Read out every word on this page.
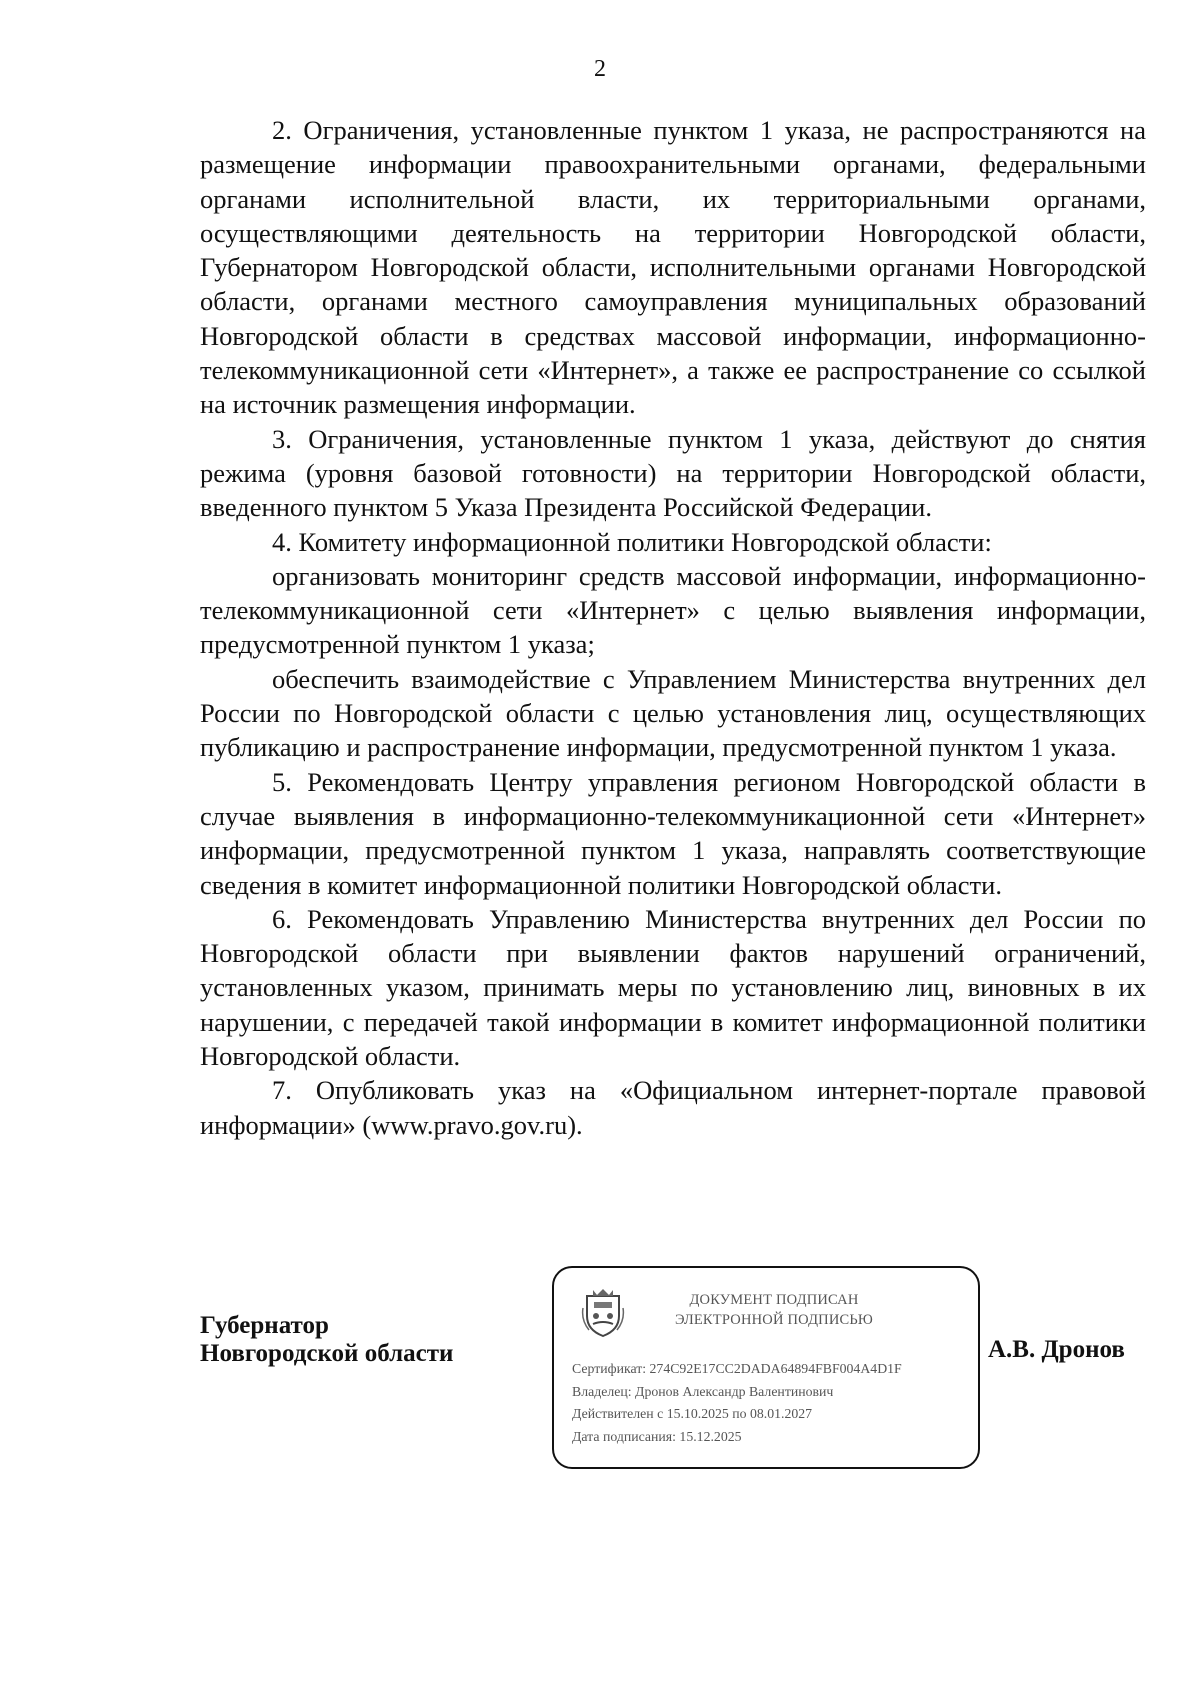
2

2. Ограничения, установленные пунктом 1 указа, не распространяются на размещение информации правоохранительными органами, федеральными органами исполнительной власти, их территориальными органами, осуществляющими деятельность на территории Новгородской области, Губернатором Новгородской области, исполнительными органами Новгородской области, органами местного самоуправления муниципальных образований Новгородской области в средствах массовой информации, информационно-телекоммуникационной сети «Интернет», а также ее распространение со ссылкой на источник размещения информации.

3. Ограничения, установленные пунктом 1 указа, действуют до снятия режима (уровня базовой готовности) на территории Новгородской области, введенного пунктом 5 Указа Президента Российской Федерации.

4. Комитету информационной политики Новгородской области:

организовать мониторинг средств массовой информации, информационно-телекоммуникационной сети «Интернет» с целью выявления информации, предусмотренной пунктом 1 указа;

обеспечить взаимодействие с Управлением Министерства внутренних дел России по Новгородской области с целью установления лиц, осуществляющих публикацию и распространение информации, предусмотренной пунктом 1 указа.

5. Рекомендовать Центру управления регионом Новгородской области в случае выявления в информационно-телекоммуникационной сети «Интернет» информации, предусмотренной пунктом 1 указа, направлять соответствующие сведения в комитет информационной политики Новгородской области.

6. Рекомендовать Управлению Министерства внутренних дел России по Новгородской области при выявлении фактов нарушений ограничений, установленных указом, принимать меры по установлению лиц, виновных в их нарушении, с передачей такой информации в комитет информационной политики Новгородской области.

7. Опубликовать указ на «Официальном интернет-портале правовой информации» (www.pravo.gov.ru).

Губернатор
Новгородской области
ДОКУМЕНТ ПОДПИСАН
ЭЛЕКТРОННОЙ ПОДПИСЬЮ
Сертификат: 274C92E17CC2DADA64894FBF004A4D1F
Владелец: Дронов Александр Валентинович
Действителен с 15.10.2025 по 08.01.2027
Дата подписания: 15.12.2025
А.В. Дронов
